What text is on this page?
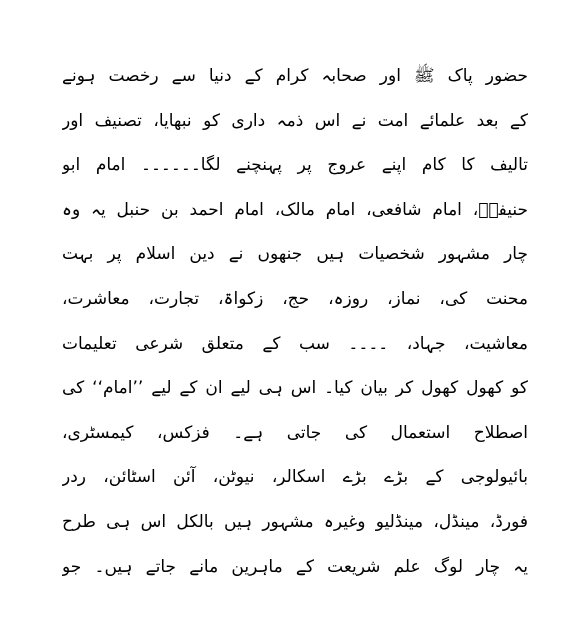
حضور پاک ﷺ اور صحابہ کرام کے دنیا سے رخصت ہونے
کے بعد علمائے امت نے اس ذمہ داری کو نبھایا، تصنیف اور
تالیف کا کام اپنے عروج پر پہنچنے لگا۔۔۔۔۔۔ امام ابو
حنیفہؒ، امام شافعی، امام مالک، امام احمد بن حنبل یہ وہ
چار مشہور شخصیات ہیں جنھوں نے دین اسلام پر بہت
محنت کی، نماز، روزہ، حج، زکواۃ، تجارت، معاشرت،
معاشیت، جہاد، ۔۔۔۔ سب کے متعلق شرعی تعلیمات
کو کھول کھول کر بیان کیا۔ اس ہی لیے ان کے لیے ’’امام‘‘ کی
اصطلاح استعمال کی جاتی ہے۔ فزکس، کیمسٹری،
بائیولوجی کے بڑے بڑے اسکالر، نیوٹن، آئن اسٹائن، ردر
فورڈ، مینڈل، مینڈلیو وغیرہ مشہور ہیں بالکل اس ہی طرح
یہ چار لوگ علم شریعت کے ماہرین مانے جاتے ہیں۔ جو
